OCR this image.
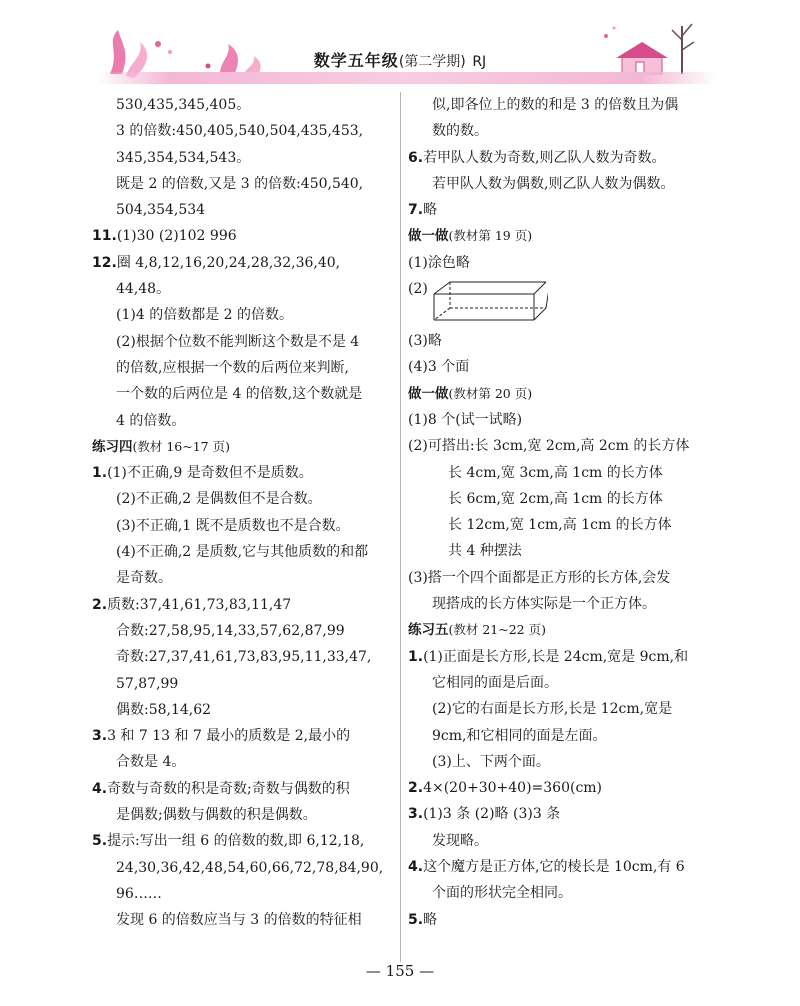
数学五年级(第二学期) RJ
530,435,345,405。
3 的倍数:450,405,540,504,435,453,
345,354,534,543。
既是 2 的倍数,又是 3 的倍数:450,540,
504,354,534
11.(1)30 (2)102 996
12.圈 4,8,12,16,20,24,28,32,36,40,
44,48。
(1)4 的倍数都是 2 的倍数。
(2)根据个位数不能判断这个数是不是 4
的倍数,应根据一个数的后两位来判断,
一个数的后两位是 4 的倍数,这个数就是
4 的倍数。
练习四(教材 16~17 页)
1.(1)不正确,9 是奇数但不是质数。
(2)不正确,2 是偶数但不是合数。
(3)不正确,1 既不是质数也不是合数。
(4)不正确,2 是质数,它与其他质数的和都
是奇数。
2.质数:37,41,61,73,83,11,47
合数:27,58,95,14,33,57,62,87,99
奇数:27,37,41,61,73,83,95,11,33,47,
57,87,99
偶数:58,14,62
3.3 和 7 13 和 7 最小的质数是 2,最小的
合数是 4。
4.奇数与奇数的积是奇数;奇数与偶数的积
是偶数;偶数与偶数的积是偶数。
5.提示:写出一组 6 的倍数的数,即 6,12,18,
24,30,36,42,48,54,60,66,72,78,84,90,
96……
发现 6 的倍数应当与 3 的倍数的特征相
似,即各位上的数的和是 3 的倍数且为偶
数的数。
6.若甲队人数为奇数,则乙队人数为奇数。
若甲队人数为偶数,则乙队人数为偶数。
7.略
做一做(教材第 19 页)
(1)涂色略
(2)
(3)略
(4)3 个面
做一做(教材第 20 页)
(1)8 个(试一试略)
(2)可搭出:长 3cm,宽 2cm,高 2cm 的长方体
长 4cm,宽 3cm,高 1cm 的长方体
长 6cm,宽 2cm,高 1cm 的长方体
长 12cm,宽 1cm,高 1cm 的长方体
共 4 种摆法
(3)搭一个四个面都是正方形的长方体,会发
现搭成的长方体实际是一个正方体。
练习五(教材 21~22 页)
1.(1)正面是长方形,长是 24cm,宽是 9cm,和
它相同的面是后面。
(2)它的右面是长方形,长是 12cm,宽是
9cm,和它相同的面是左面。
(3)上、下两个面。
2.4×(20+30+40)=360(cm)
3.(1)3 条 (2)略 (3)3 条
发现略。
4.这个魔方是正方体,它的棱长是 10cm,有 6
个面的形状完全相同。
5.略
— 155 —
